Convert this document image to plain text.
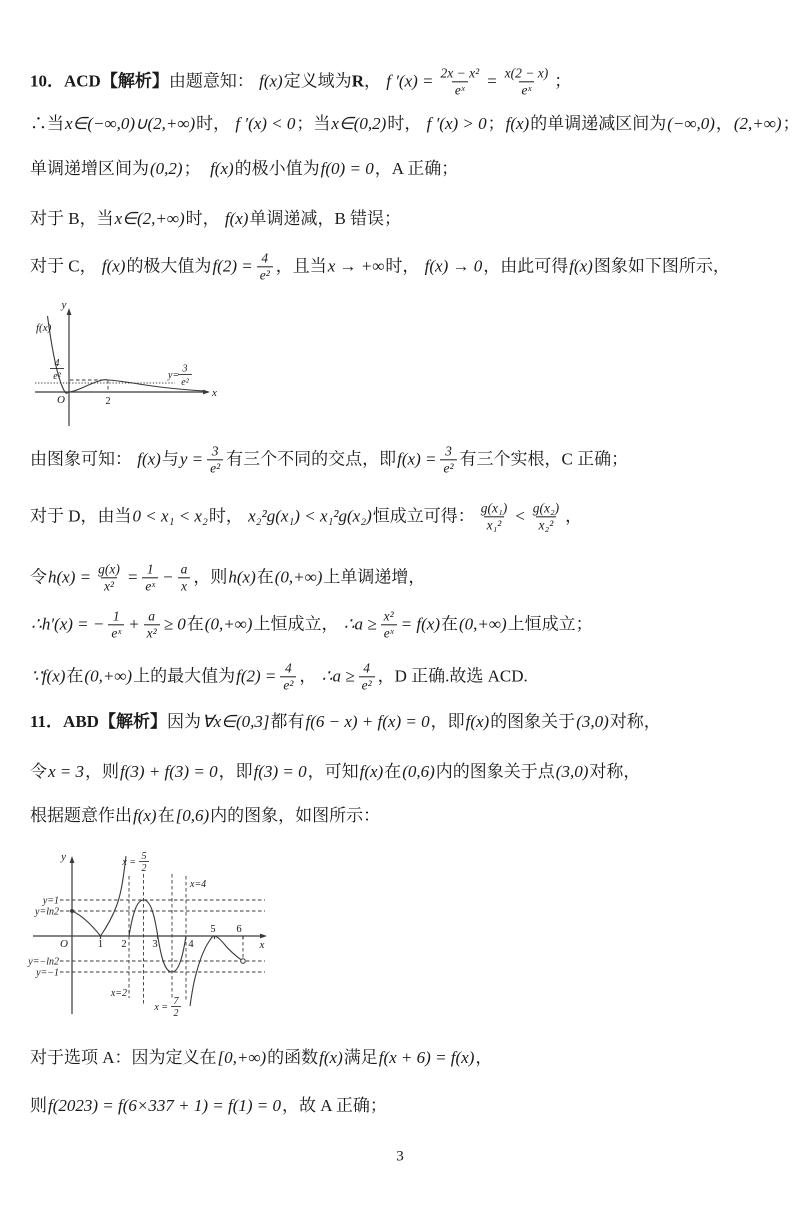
10．ACD【解析】 由题意知： f(x) 定义域为 R ， f $'(x) = \frac{\text{2x − x²}}{\text{eˣ}} = \frac{x(2 - x)}{\text{eˣ}}$ ；
∴当 x∈(−∞,0)∪(2,+∞) 时， f ′(x) < 0 ；当 x∈(0,2) 时， f ′(x) > 0 ； f(x) 的单调递减区间为 (−∞,0) ， (2,+∞) ；
单调递增区间为 (0,2) ；　 f(x) 的极小值为 f(0) = 0 ，A 正确；
对于 B，当 x∈(2,+∞) 时， f(x) 单调递减，B 错误；
对于 C， f(x) 的极大值为 $f(2) = \frac{4}{\text{e²}}$ ，且当 x → +∞ 时， f(x) → 0 ，由此可得 f(x) 图象如下图所示，
y
x
f(x)
O	2
4
e²	y=
3
e²
由图象可知： f(x) 与 $y = \frac{3}{\text{e²}}$ 有三个不同的交点，即 $f(x) = \frac{3}{\text{e²}}$ 有三个实根，C 正确；
对于 D，由当 0 < x₁ < x₂ 时， x₂²g(x₁) < x₁²g(x₂) 恒成立可得： $\frac{\text{g(x₁)}}{\text{x₁²}} < \frac{\text{g(x₂)}}{\text{x₂²}}$ ，
令 $h(x) = \frac{g(x)}{\text{x²}} = \frac{1}{\text{eˣ}} - \frac{a}{x}$ ，则 h(x) 在 (0,+∞) 上单调递增，
∴h′(x) = − $\frac{1}{\text{eˣ}} + \frac{a}{\text{x²}} \ge 0$ 在 (0,+∞) 上恒成立， ∴a ≥ $\frac{\text{x²}}{\text{eˣ}} = f(x)$ 在 (0,+∞) 上恒成立；
∵f(x) 在 (0,+∞) 上的最大值为 $f(2) = \frac{4}{\text{e²}}$ ， ∴a ≥ $\frac{4}{\text{e²}}$ ，D 正确.故选 ACD.
11．ABD【解析】 因为 ∀x∈(0,3] 都有 f(6 − x) + f(x) = 0 ，即 f(x) 的图象关于 (3,0) 对称，
令 x = 3 ，则 f(3) + f(3) = 0 ，即 f(3) = 0 ，可知 f(x) 在 (0,6) 内的图象关于点 (3,0) 对称，
根据题意作出 f(x) 在 [0,6) 内的图象，如图所示：
y
x
O
y=1
y=ln2
y=−ln2
y=−1
x=2
x =
5
2
x=4
x =
7
2
1 2 3	4
5 6
对于选项 A：因为定义在 [0,+∞) 的函数 f(x) 满足 f(x + 6) = f(x) ，
则 f(2023) = f(6×337 + 1) = f(1) = 0 ，故 A 正确；
3
